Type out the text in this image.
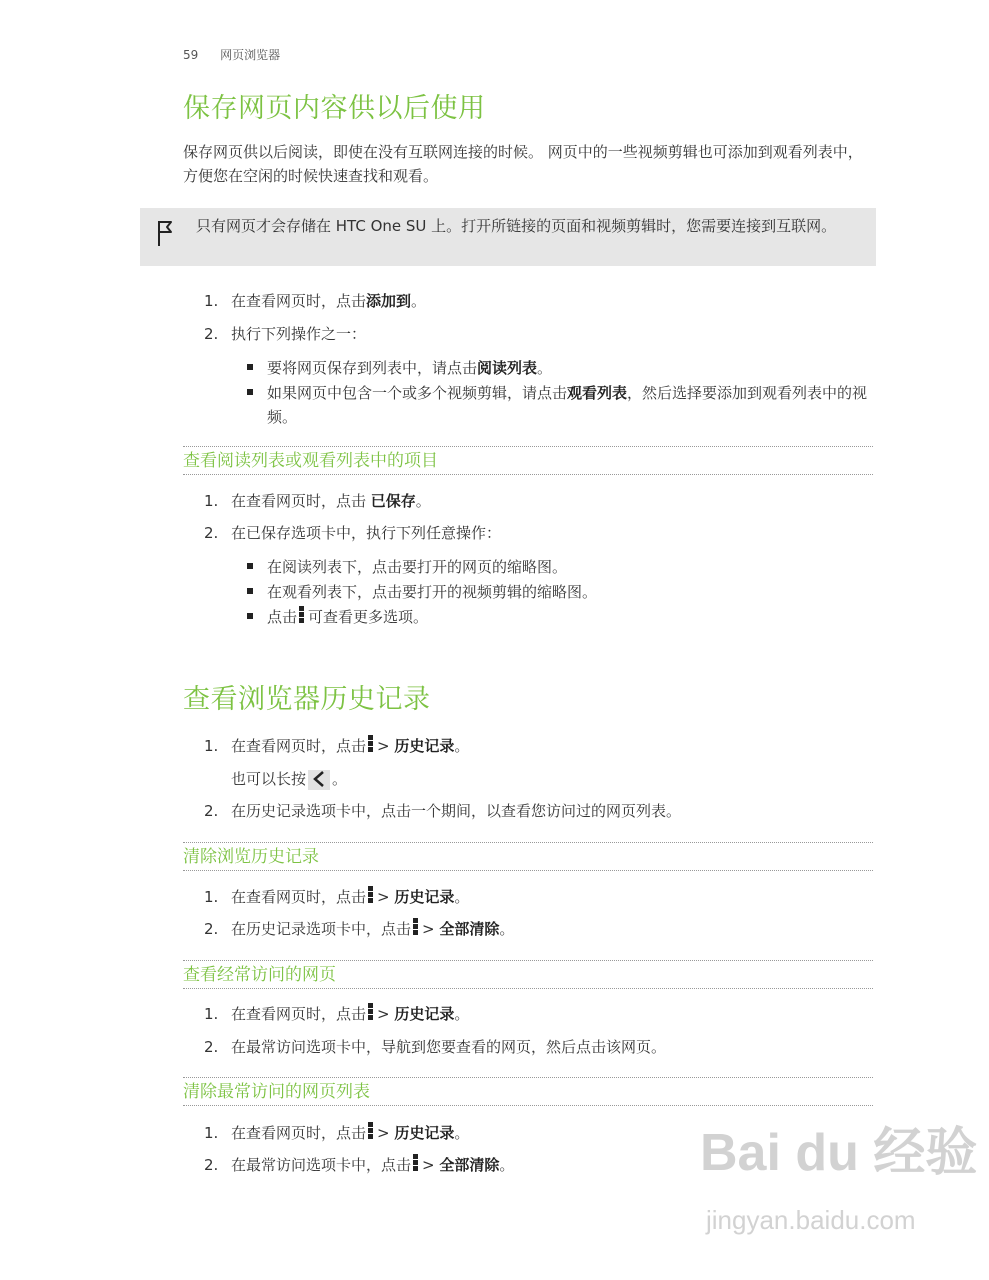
59 网页浏览器
保存网页内容供以后使用
保存网页供以后阅读，即使在没有互联网连接的时候。 网页中的一些视频剪辑也可添加到观看列表中，方便您在空闲的时候快速查找和观看。
只有网页才会存储在 HTC One SU 上。打开所链接的页面和视频剪辑时，您需要连接到互联网。
1. 在查看网页时，点击添加到。
2. 执行下列操作之一：
要将网页保存到列表中，请点击阅读列表。
如果网页中包含一个或多个视频剪辑，请点击观看列表，然后选择要添加到观看列表中的视频。
查看阅读列表或观看列表中的项目
1. 在查看网页时，点击 已保存。
2. 在已保存选项卡中，执行下列任意操作：
在阅读列表下，点击要打开的网页的缩略图。
在观看列表下，点击要打开的视频剪辑的缩略图。
点击 可查看更多选项。
查看浏览器历史记录
1. 在查看网页时，点击 > 历史记录。
也可以长按 。
2. 在历史记录选项卡中，点击一个期间，以查看您访问过的网页列表。
清除浏览历史记录
1. 在查看网页时，点击 > 历史记录。
2. 在历史记录选项卡中，点击 > 全部清除。
查看经常访问的网页
1. 在查看网页时，点击 > 历史记录。
2. 在最常访问选项卡中，导航到您要查看的网页，然后点击该网页。
清除最常访问的网页列表
1. 在查看网页时，点击 > 历史记录。
2. 在最常访问选项卡中，点击 > 全部清除。	Bai du 经验
jingyan.baidu.com
